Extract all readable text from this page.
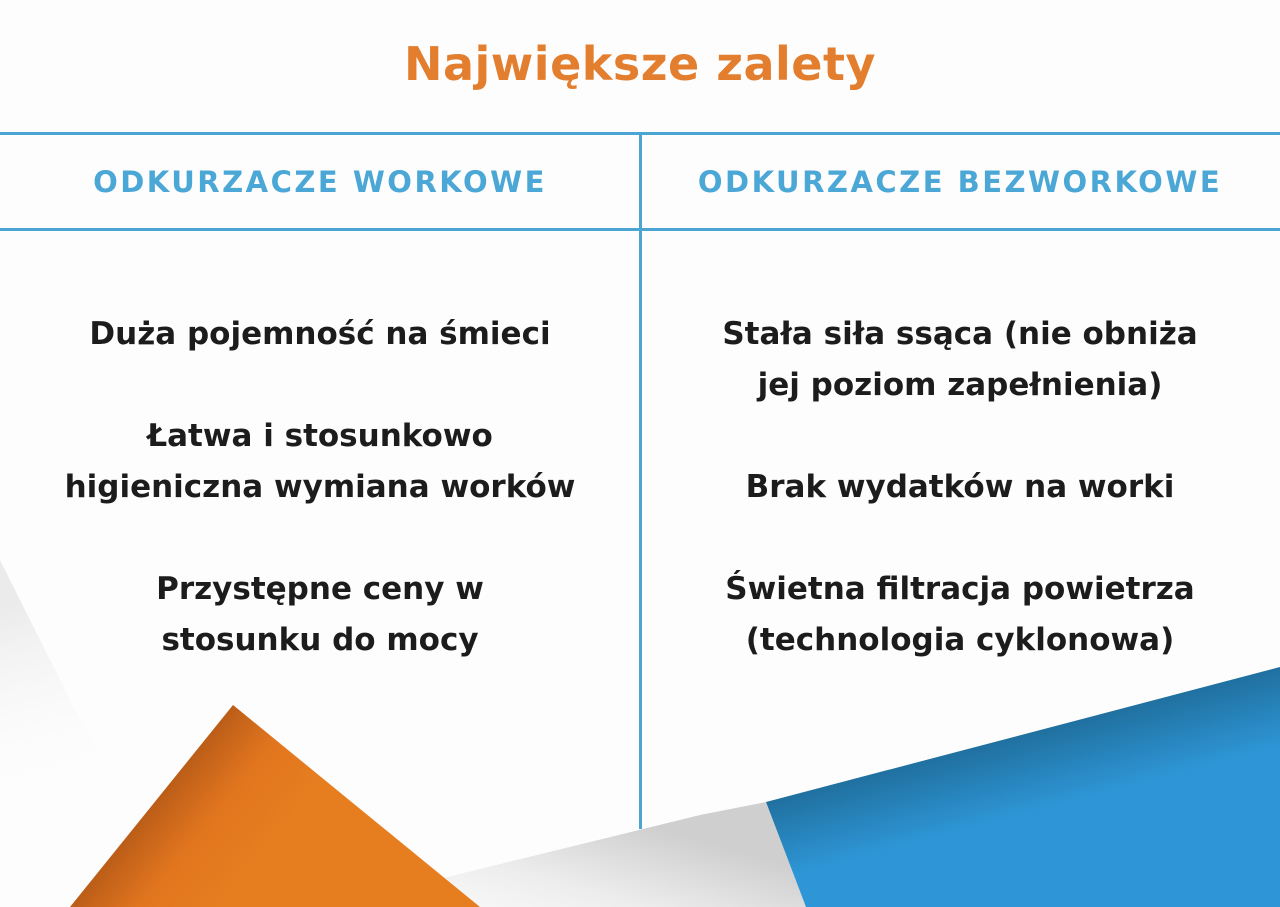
Największe zalety
ODKURZACZE WORKOWE	ODKURZACZE BEZWORKOWE
Duża pojemność na śmieci
Łatwa i stosunkowo
higieniczna wymiana worków
Przystępne ceny w
stosunku do mocy
Stała siła ssąca (nie obniża
jej poziom zapełnienia)
Brak wydatków na worki
Świetna filtracja powietrza
(technologia cyklonowa)
